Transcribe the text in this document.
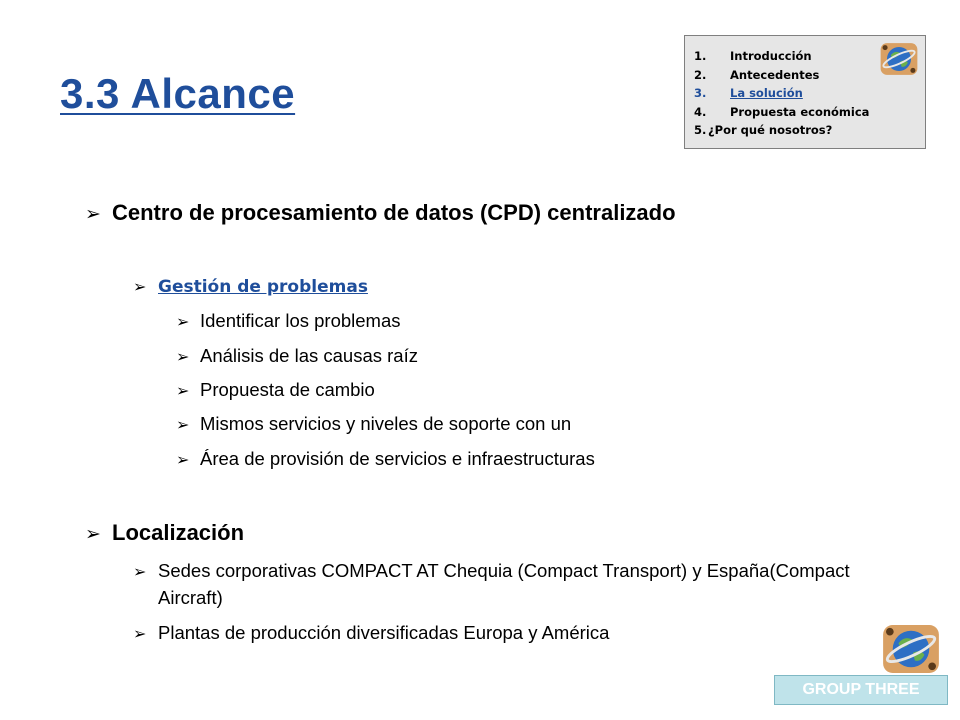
3.3 Alcance
1. Introducción
2. Antecedentes
3. La solución
4. Propuesta económica
5. ¿Por qué nosotros?
➢ Centro de procesamiento de datos (CPD) centralizado
➢ Gestión de problemas
➢ Identificar los problemas
➢ Análisis de las causas raíz
➢ Propuesta de cambio
➢ Mismos servicios y niveles de soporte con un
➢ Área de provisión de servicios e infraestructuras
➢ Localización
➢ Sedes corporativas COMPACT AT Chequia (Compact Transport) y España(Compact Aircraft)
➢ Plantas de producción diversificadas Europa y América
GROUP THREE
